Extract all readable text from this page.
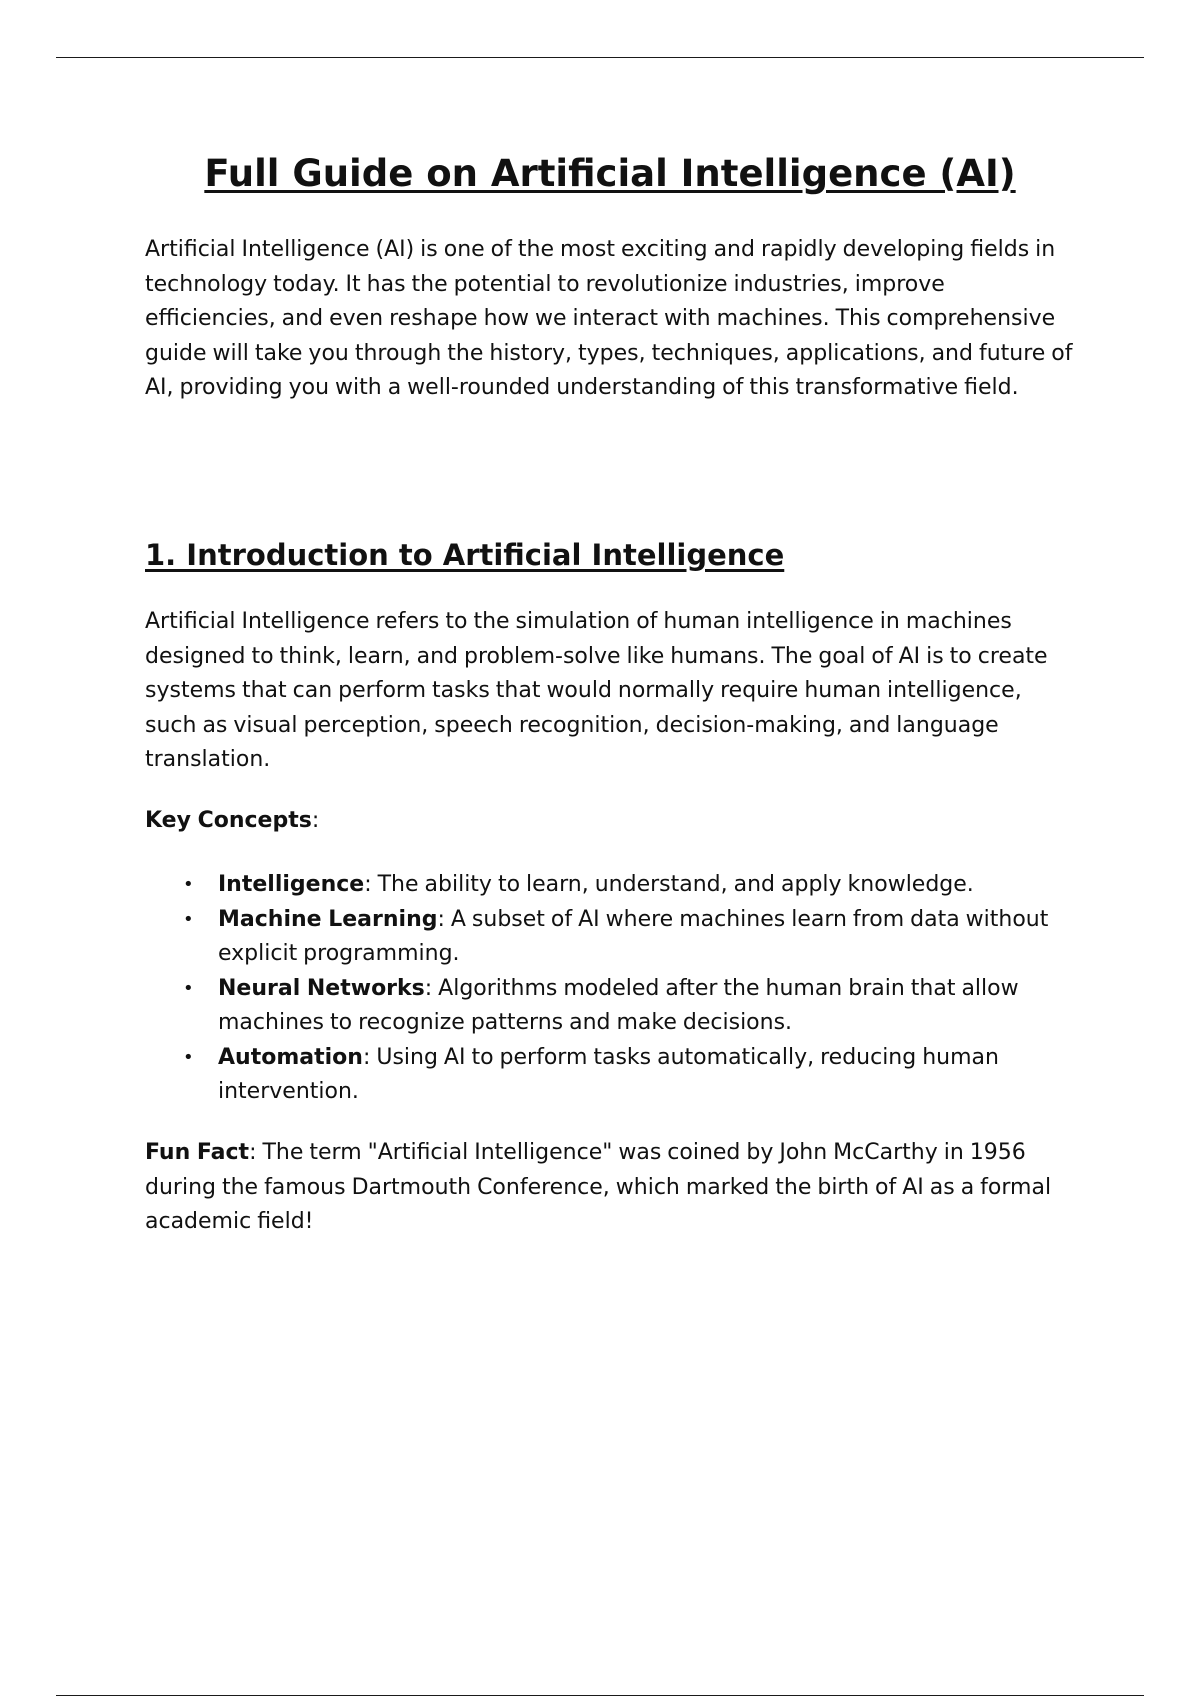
Full Guide on Artificial Intelligence (AI)

Artificial Intelligence (AI) is one of the most exciting and rapidly developing fields in technology today. It has the potential to revolutionize industries, improve efficiencies, and even reshape how we interact with machines. This comprehensive guide will take you through the history, types, techniques, applications, and future of AI, providing you with a well-rounded understanding of this transformative field.

1. Introduction to Artificial Intelligence

Artificial Intelligence refers to the simulation of human intelligence in machines designed to think, learn, and problem-solve like humans. The goal of AI is to create systems that can perform tasks that would normally require human intelligence, such as visual perception, speech recognition, decision-making, and language translation.

Key Concepts:

• Intelligence: The ability to learn, understand, and apply knowledge.
• Machine Learning: A subset of AI where machines learn from data without explicit programming.
• Neural Networks: Algorithms modeled after the human brain that allow machines to recognize patterns and make decisions.
• Automation: Using AI to perform tasks automatically, reducing human intervention.

Fun Fact: The term "Artificial Intelligence" was coined by John McCarthy in 1956 during the famous Dartmouth Conference, which marked the birth of AI as a formal academic field!
